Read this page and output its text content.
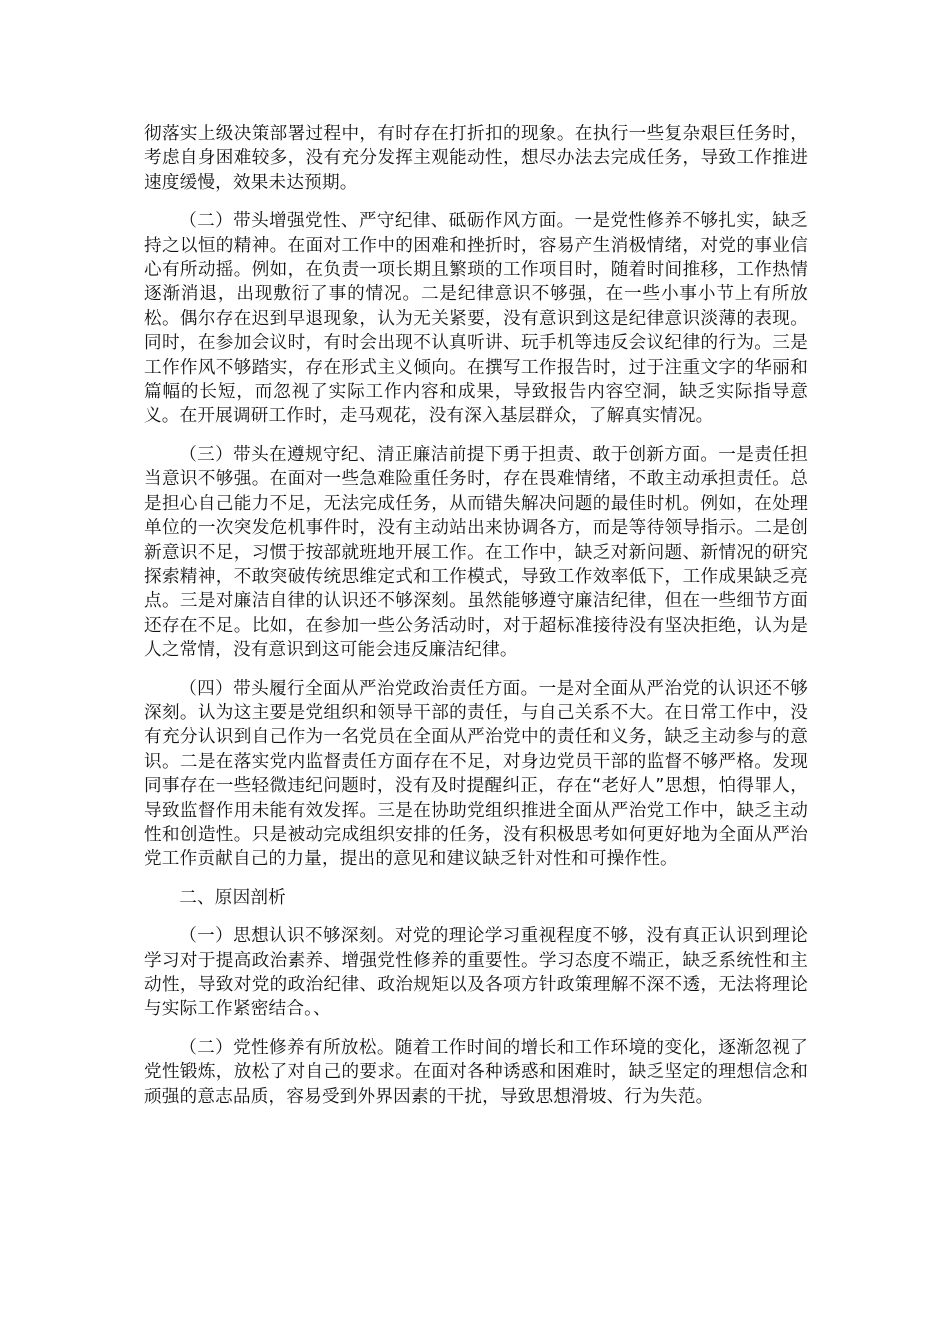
彻落实上级决策部署过程中，有时存在打折扣的现象。在执行一些复杂艰巨任务时，考虑自身困难较多，没有充分发挥主观能动性，想尽办法去完成任务，导致工作推进速度缓慢，效果未达预期。

（二）带头增强党性、严守纪律、砥砺作风方面。一是党性修养不够扎实，缺乏持之以恒的精神。在面对工作中的困难和挫折时，容易产生消极情绪，对党的事业信心有所动摇。例如，在负责一项长期且繁琐的工作项目时，随着时间推移，工作热情逐渐消退，出现敷衍了事的情况。二是纪律意识不够强，在一些小事小节上有所放松。偶尔存在迟到早退现象，认为无关紧要，没有意识到这是纪律意识淡薄的表现。同时，在参加会议时，有时会出现不认真听讲、玩手机等违反会议纪律的行为。三是工作作风不够踏实，存在形式主义倾向。在撰写工作报告时，过于注重文字的华丽和篇幅的长短，而忽视了实际工作内容和成果，导致报告内容空洞，缺乏实际指导意义。在开展调研工作时，走马观花，没有深入基层群众，了解真实情况。

（三）带头在遵规守纪、清正廉洁前提下勇于担责、敢于创新方面。一是责任担当意识不够强。在面对一些急难险重任务时，存在畏难情绪，不敢主动承担责任。总是担心自己能力不足，无法完成任务，从而错失解决问题的最佳时机。例如，在处理单位的一次突发危机事件时，没有主动站出来协调各方，而是等待领导指示。二是创新意识不足，习惯于按部就班地开展工作。在工作中，缺乏对新问题、新情况的研究探索精神，不敢突破传统思维定式和工作模式，导致工作效率低下，工作成果缺乏亮点。三是对廉洁自律的认识还不够深刻。虽然能够遵守廉洁纪律，但在一些细节方面还存在不足。比如，在参加一些公务活动时，对于超标准接待没有坚决拒绝，认为是人之常情，没有意识到这可能会违反廉洁纪律。

（四）带头履行全面从严治党政治责任方面。一是对全面从严治党的认识还不够深刻。认为这主要是党组织和领导干部的责任，与自己关系不大。在日常工作中，没有充分认识到自己作为一名党员在全面从严治党中的责任和义务，缺乏主动参与的意识。二是在落实党内监督责任方面存在不足，对身边党员干部的监督不够严格。发现同事存在一些轻微违纪问题时，没有及时提醒纠正，存在“老好人”思想，怕得罪人，导致监督作用未能有效发挥。三是在协助党组织推进全面从严治党工作中，缺乏主动性和创造性。只是被动完成组织安排的任务，没有积极思考如何更好地为全面从严治党工作贡献自己的力量，提出的意见和建议缺乏针对性和可操作性。

二、原因剖析

（一）思想认识不够深刻。对党的理论学习重视程度不够，没有真正认识到理论学习对于提高政治素养、增强党性修养的重要性。学习态度不端正，缺乏系统性和主动性，导致对党的政治纪律、政治规矩以及各项方针政策理解不深不透，无法将理论与实际工作紧密结合。、

（二）党性修养有所放松。随着工作时间的增长和工作环境的变化，逐渐忽视了党性锻炼，放松了对自己的要求。在面对各种诱惑和困难时，缺乏坚定的理想信念和顽强的意志品质，容易受到外界因素的干扰，导致思想滑坡、行为失范。
